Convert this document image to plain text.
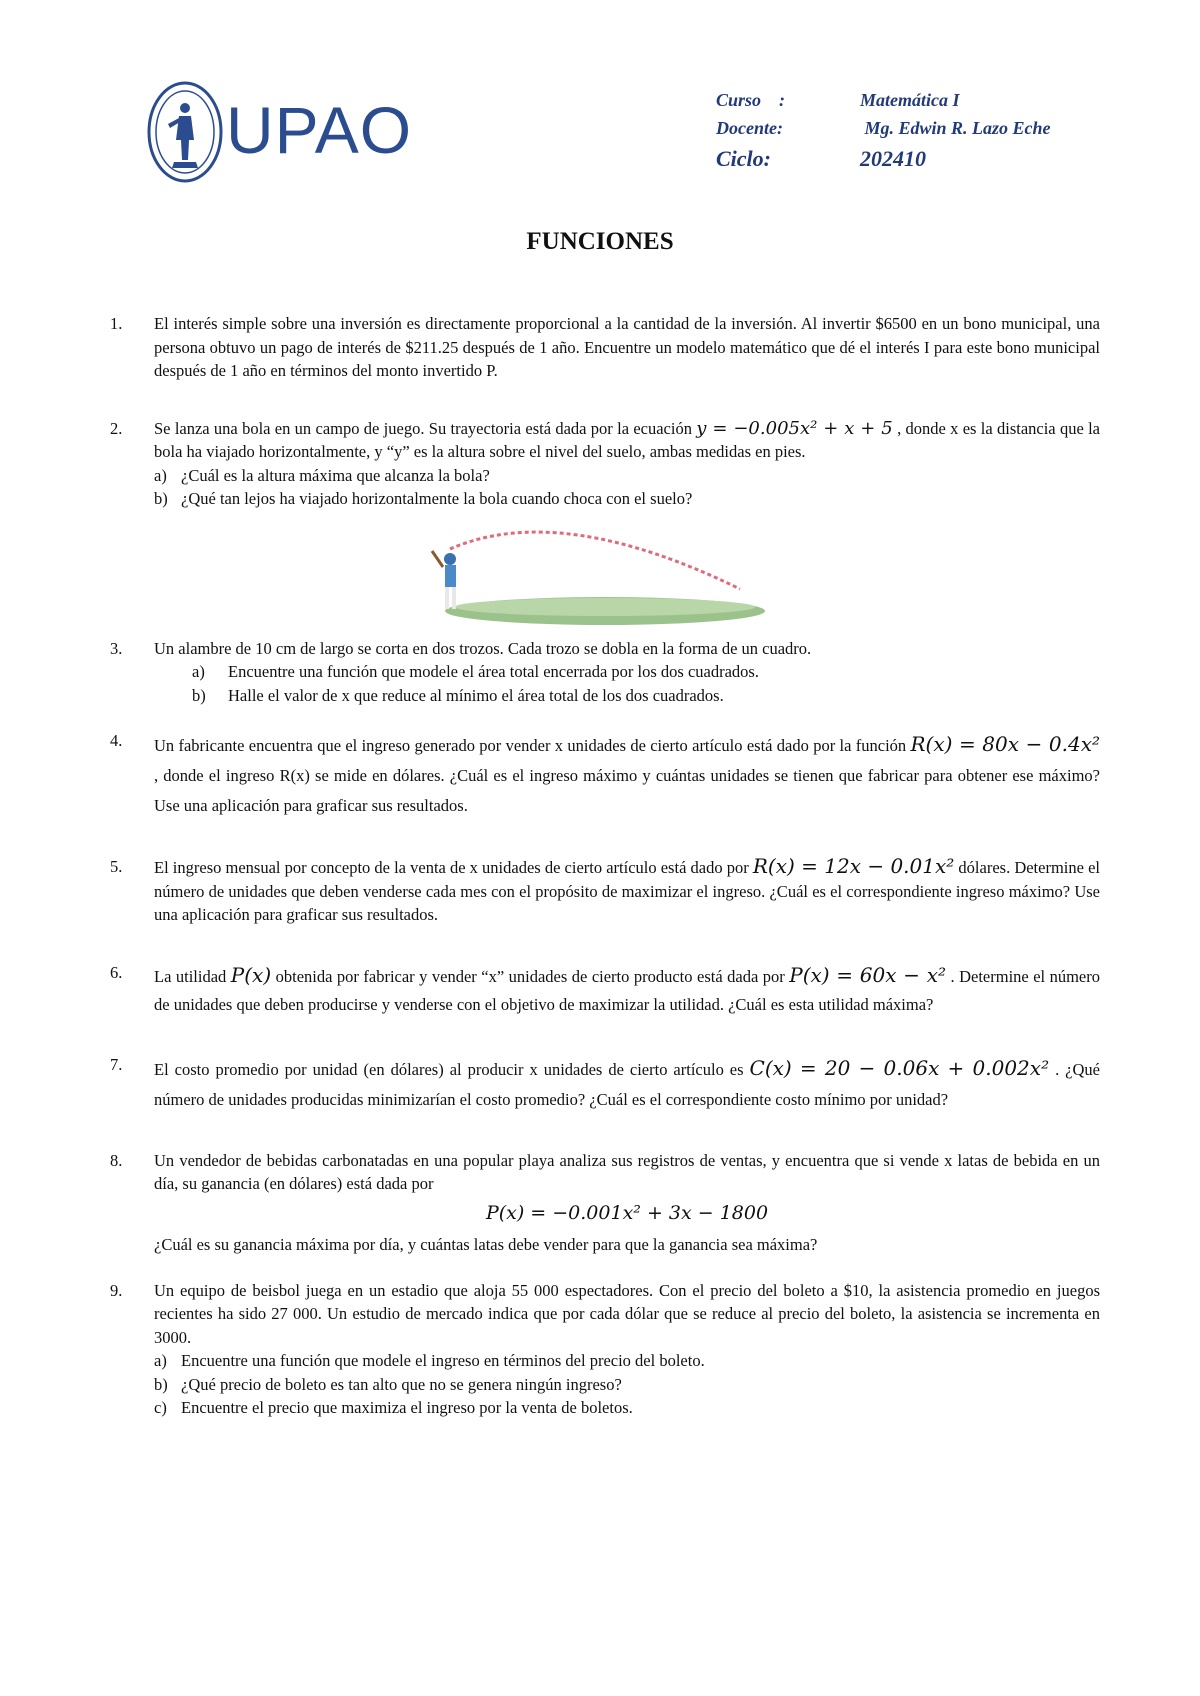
UPAO	Curso    :	Matemática I
Docente:	Mg. Edwin R. Lazo Eche
Ciclo:	202410
FUNCIONES
1. El interés simple sobre una inversión es directamente proporcional a la cantidad de la inversión. Al invertir $6500 en un bono municipal, una persona obtuvo un pago de interés de $211.25 después de 1 año. Encuentre un modelo matemático que dé el interés I para este bono municipal después de 1 año en términos del monto invertido P.
2. Se lanza una bola en un campo de juego. Su trayectoria está dada por la ecuación y = −0.005x² + x + 5 , donde x es la distancia que la bola ha viajado horizontalmente, y “y” es la altura sobre el nivel del suelo, ambas medidas en pies.
a) ¿Cuál es la altura máxima que alcanza la bola?
b) ¿Qué tan lejos ha viajado horizontalmente la bola cuando choca con el suelo?
3. Un alambre de 10 cm de largo se corta en dos trozos. Cada trozo se dobla en la forma de un cuadro.
a)	Encuentre una función que modele el área total encerrada por los dos cuadrados.
b)	Halle el valor de x que reduce al mínimo el área total de los dos cuadrados.
4. Un fabricante encuentra que el ingreso generado por vender x unidades de cierto artículo está dado por la función R(x) = 80x − 0.4x² , donde el ingreso R(x) se mide en dólares. ¿Cuál es el ingreso máximo y cuántas unidades se tienen que fabricar para obtener ese máximo? Use una aplicación para graficar sus resultados.
5. El ingreso mensual por concepto de la venta de x unidades de cierto artículo está dado por R(x) = 12x − 0.01x² dólares. Determine el número de unidades que deben venderse cada mes con el propósito de maximizar el ingreso. ¿Cuál es el correspondiente ingreso máximo? Use una aplicación para graficar sus resultados.
6. La utilidad P(x) obtenida por fabricar y vender “x” unidades de cierto producto está dada por P(x) = 60x − x² . Determine el número de unidades que deben producirse y venderse con el objetivo de maximizar la utilidad. ¿Cuál es esta utilidad máxima?
7. El costo promedio por unidad (en dólares) al producir x unidades de cierto artículo es C(x) = 20 − 0.06x + 0.002x² . ¿Qué número de unidades producidas minimizarían el costo promedio? ¿Cuál es el correspondiente costo mínimo por unidad?
8. Un vendedor de bebidas carbonatadas en una popular playa analiza sus registros de ventas, y encuentra que si vende x latas de bebida en un día, su ganancia (en dólares) está dada por
P(x) = −0.001x² + 3x − 1800
¿Cuál es su ganancia máxima por día, y cuántas latas debe vender para que la ganancia sea máxima?
9. Un equipo de beisbol juega en un estadio que aloja 55 000 espectadores. Con el precio del boleto a $10, la asistencia promedio en juegos recientes ha sido 27 000. Un estudio de mercado indica que por cada dólar que se reduce al precio del boleto, la asistencia se incrementa en 3000.
a) Encuentre una función que modele el ingreso en términos del precio del boleto.
b) ¿Qué precio de boleto es tan alto que no se genera ningún ingreso?
c) Encuentre el precio que maximiza el ingreso por la venta de boletos.
